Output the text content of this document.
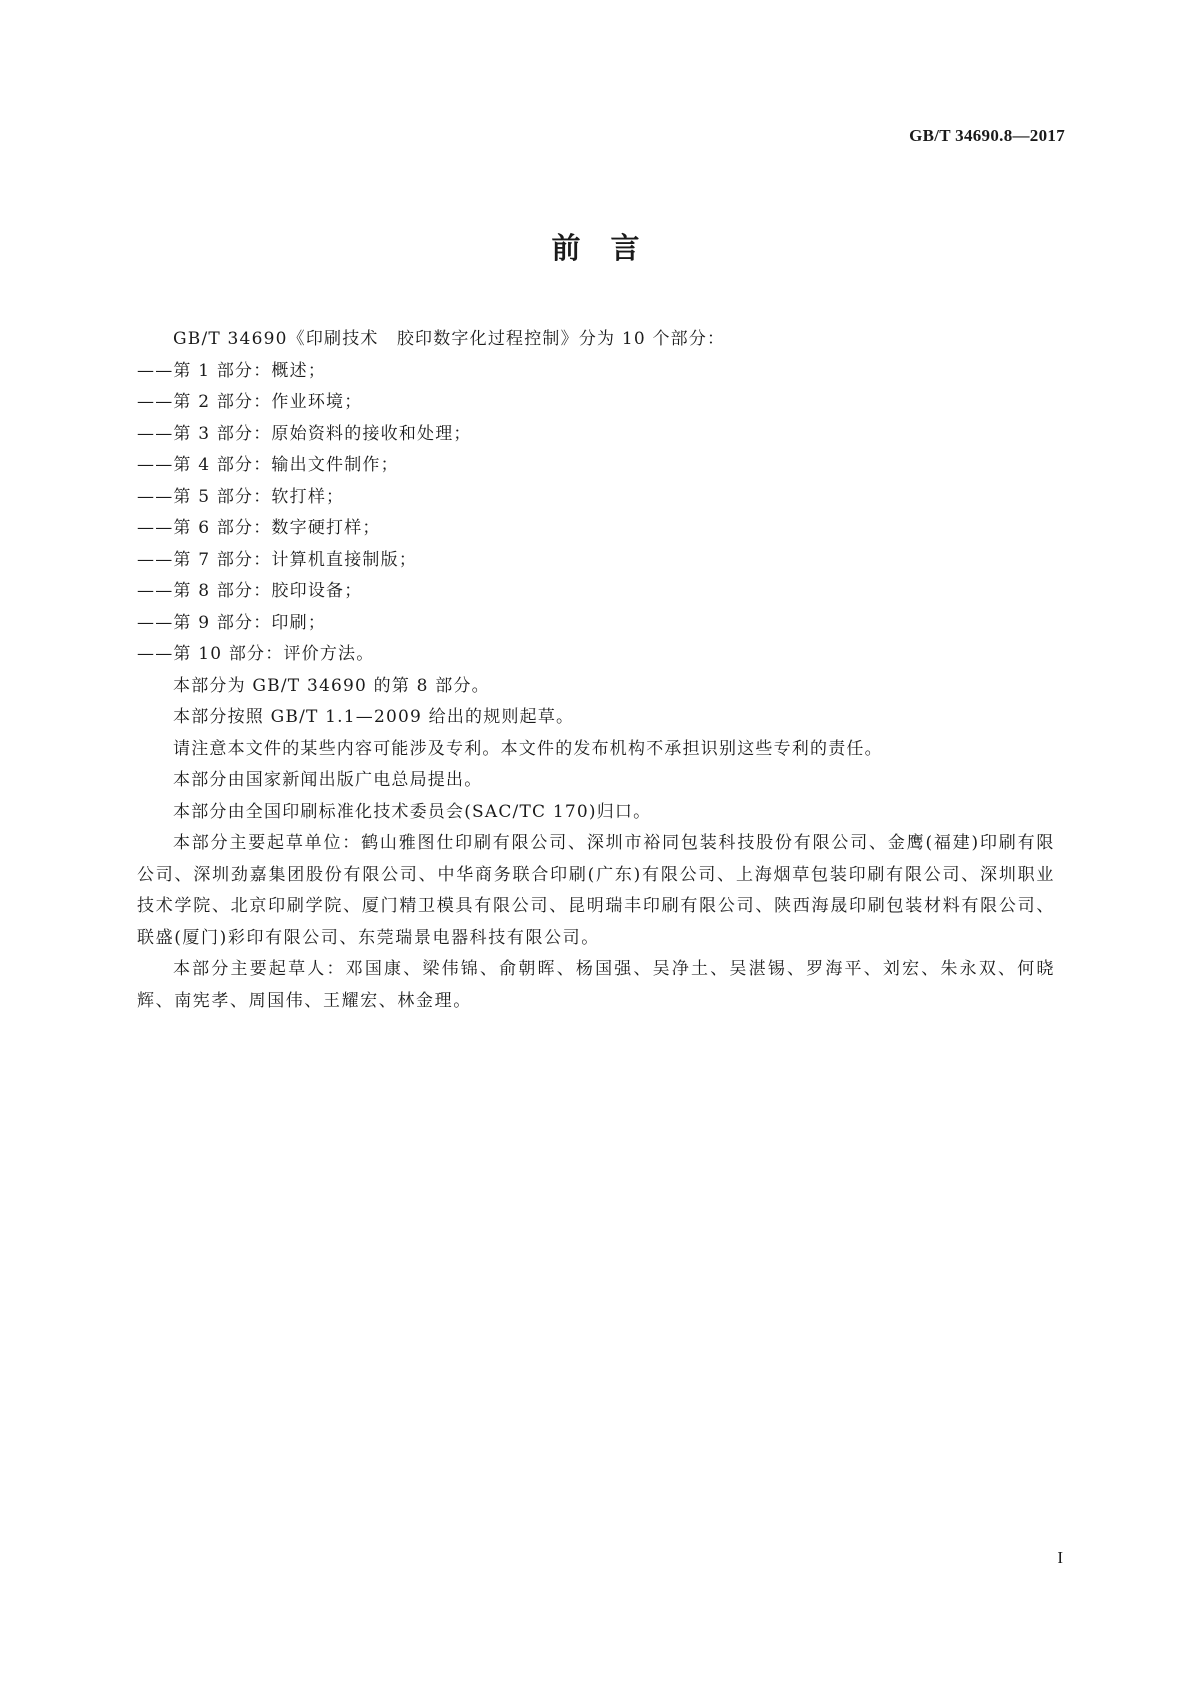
GB/T 34690.8—2017
前言

GB/T 34690《印刷技术　胶印数字化过程控制》分为 10 个部分：

——第 1 部分：概述；

——第 2 部分：作业环境；

——第 3 部分：原始资料的接收和处理；

——第 4 部分：输出文件制作；

——第 5 部分：软打样；

——第 6 部分：数字硬打样；

——第 7 部分：计算机直接制版；

——第 8 部分：胶印设备；

——第 9 部分：印刷；

——第 10 部分：评价方法。

本部分为 GB/T 34690 的第 8 部分。

本部分按照 GB/T 1.1—2009 给出的规则起草。

请注意本文件的某些内容可能涉及专利。本文件的发布机构不承担识别这些专利的责任。

本部分由国家新闻出版广电总局提出。

本部分由全国印刷标准化技术委员会(SAC/TC 170)归口。

本部分主要起草单位：鹤山雅图仕印刷有限公司、深圳市裕同包装科技股份有限公司、金鹰(福建)印刷有限公司、深圳劲嘉集团股份有限公司、中华商务联合印刷(广东)有限公司、上海烟草包装印刷有限公司、深圳职业技术学院、北京印刷学院、厦门精卫模具有限公司、昆明瑞丰印刷有限公司、陕西海晟印刷包装材料有限公司、联盛(厦门)彩印有限公司、东莞瑞景电器科技有限公司。

本部分主要起草人：邓国康、梁伟锦、俞朝晖、杨国强、吴净土、吴湛锡、罗海平、刘宏、朱永双、何晓辉、南宪孝、周国伟、王耀宏、林金理。

I
